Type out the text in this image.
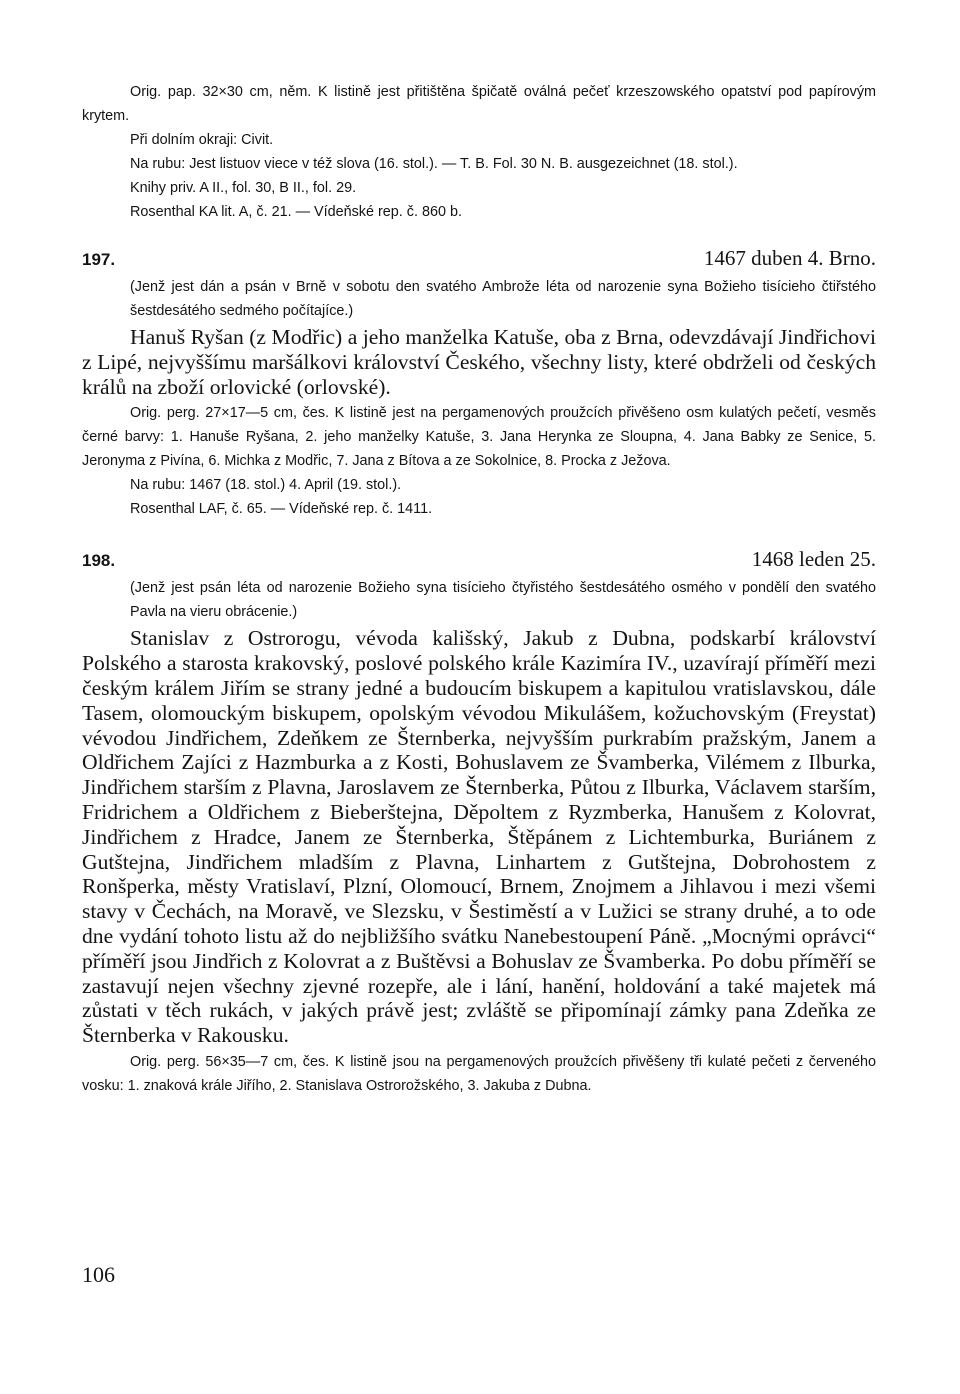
Orig. pap. 32×30 cm, něm. K listině jest přitištěna špičatě oválná pečeť krzeszowského opatství pod papírovým krytem.

Při dolním okraji: Civit.

Na rubu: Jest listuov viece v též slova (16. stol.). — T. B. Fol. 30 N. B. ausgezeichnet (18. stol.).

Knihy priv. A II., fol. 30, B II., fol. 29.

Rosenthal KA lit. A, č. 21. — Vídeňské rep. č. 860 b.

197.	1467 duben 4. Brno.
(Jenž jest dán a psán v Brně v sobotu den svatého Ambrože léta od narozenie syna Božieho tisícieho čtiřstého šestdesátého sedmého počítajíce.)

Hanuš Ryšan (z Modřic) a jeho manželka Katuše, oba z Brna, odevzdávají Jindřichovi z Lipé, nejvyššímu maršálkovi království Českého, všechny listy, které obdrželi od českých králů na zboží orlovické (orlovské).

Orig. perg. 27×17—5 cm, čes. K listině jest na pergamenových proužcích přivěšeno osm kulatých pečetí, vesměs černé barvy: 1. Hanuše Ryšana, 2. jeho manželky Katuše, 3. Jana Herynka ze Sloupna, 4. Jana Babky ze Senice, 5. Jeronyma z Pivína, 6. Michka z Modřic, 7. Jana z Bítova a ze Sokolnice, 8. Procka z Ježova.

Na rubu: 1467 (18. stol.) 4. April (19. stol.).

Rosenthal LAF, č. 65. — Vídeňské rep. č. 1411.

198.	1468 leden 25.
(Jenž jest psán léta od narozenie Božieho syna tisícieho čtyřistého šestdesátého osmého v pondělí den svatého Pavla na vieru obrácenie.)

Stanislav z Ostrorogu, vévoda kališský, Jakub z Dubna, podskarbí království Polského a starosta krakovský, poslové polského krále Kazimíra IV., uzavírají příměří mezi českým králem Jiřím se strany jedné a budoucím biskupem a kapitulou vratislavskou, dále Tasem, olomouckým biskupem, opolským vévodou Mikulášem, kožuchovským (Freystat) vévodou Jindřichem, Zdeňkem ze Šternberka, nejvyšším purkrabím pražským, Janem a Oldřichem Zajíci z Hazmburka a z Kosti, Bohuslavem ze Švamberka, Vilémem z Ilburka, Jindřichem starším z Plavna, Jaroslavem ze Šternberka, Půtou z Ilburka, Václavem starším, Fridrichem a Oldřichem z Bieberštejna, Děpoltem z Ryzmberka, Hanušem z Kolovrat, Jindřichem z Hradce, Janem ze Šternberka, Štěpánem z Lichtemburka, Buriánem z Gutštejna, Jindřichem mladším z Plavna, Linhartem z Gutštejna, Dobrohostem z Ronšperka, městy Vratislaví, Plzní, Olomoucí, Brnem, Znojmem a Jihlavou i mezi všemi stavy v Čechách, na Moravě, ve Slezsku, v Šestiměstí a v Lužici se strany druhé, a to ode dne vydání tohoto listu až do nejbližšího svátku Nanebestoupení Páně. „Mocnými oprávci“ příměří jsou Jindřich z Kolovrat a z Buštěvsi a Bohuslav ze Švamberka. Po dobu příměří se zastavují nejen všechny zjevné rozepře, ale i lání, hanění, holdování a také majetek má zůstati v těch rukách, v jakých právě jest; zvláště se připomínají zámky pana Zdeňka ze Šternberka v Rakousku.

Orig. perg. 56×35—7 cm, čes. K listině jsou na pergamenových proužcích přivěšeny tři kulaté pečeti z červeného vosku: 1. znaková krále Jiřího, 2. Stanislava Ostrorožského, 3. Jakuba z Dubna.

106
